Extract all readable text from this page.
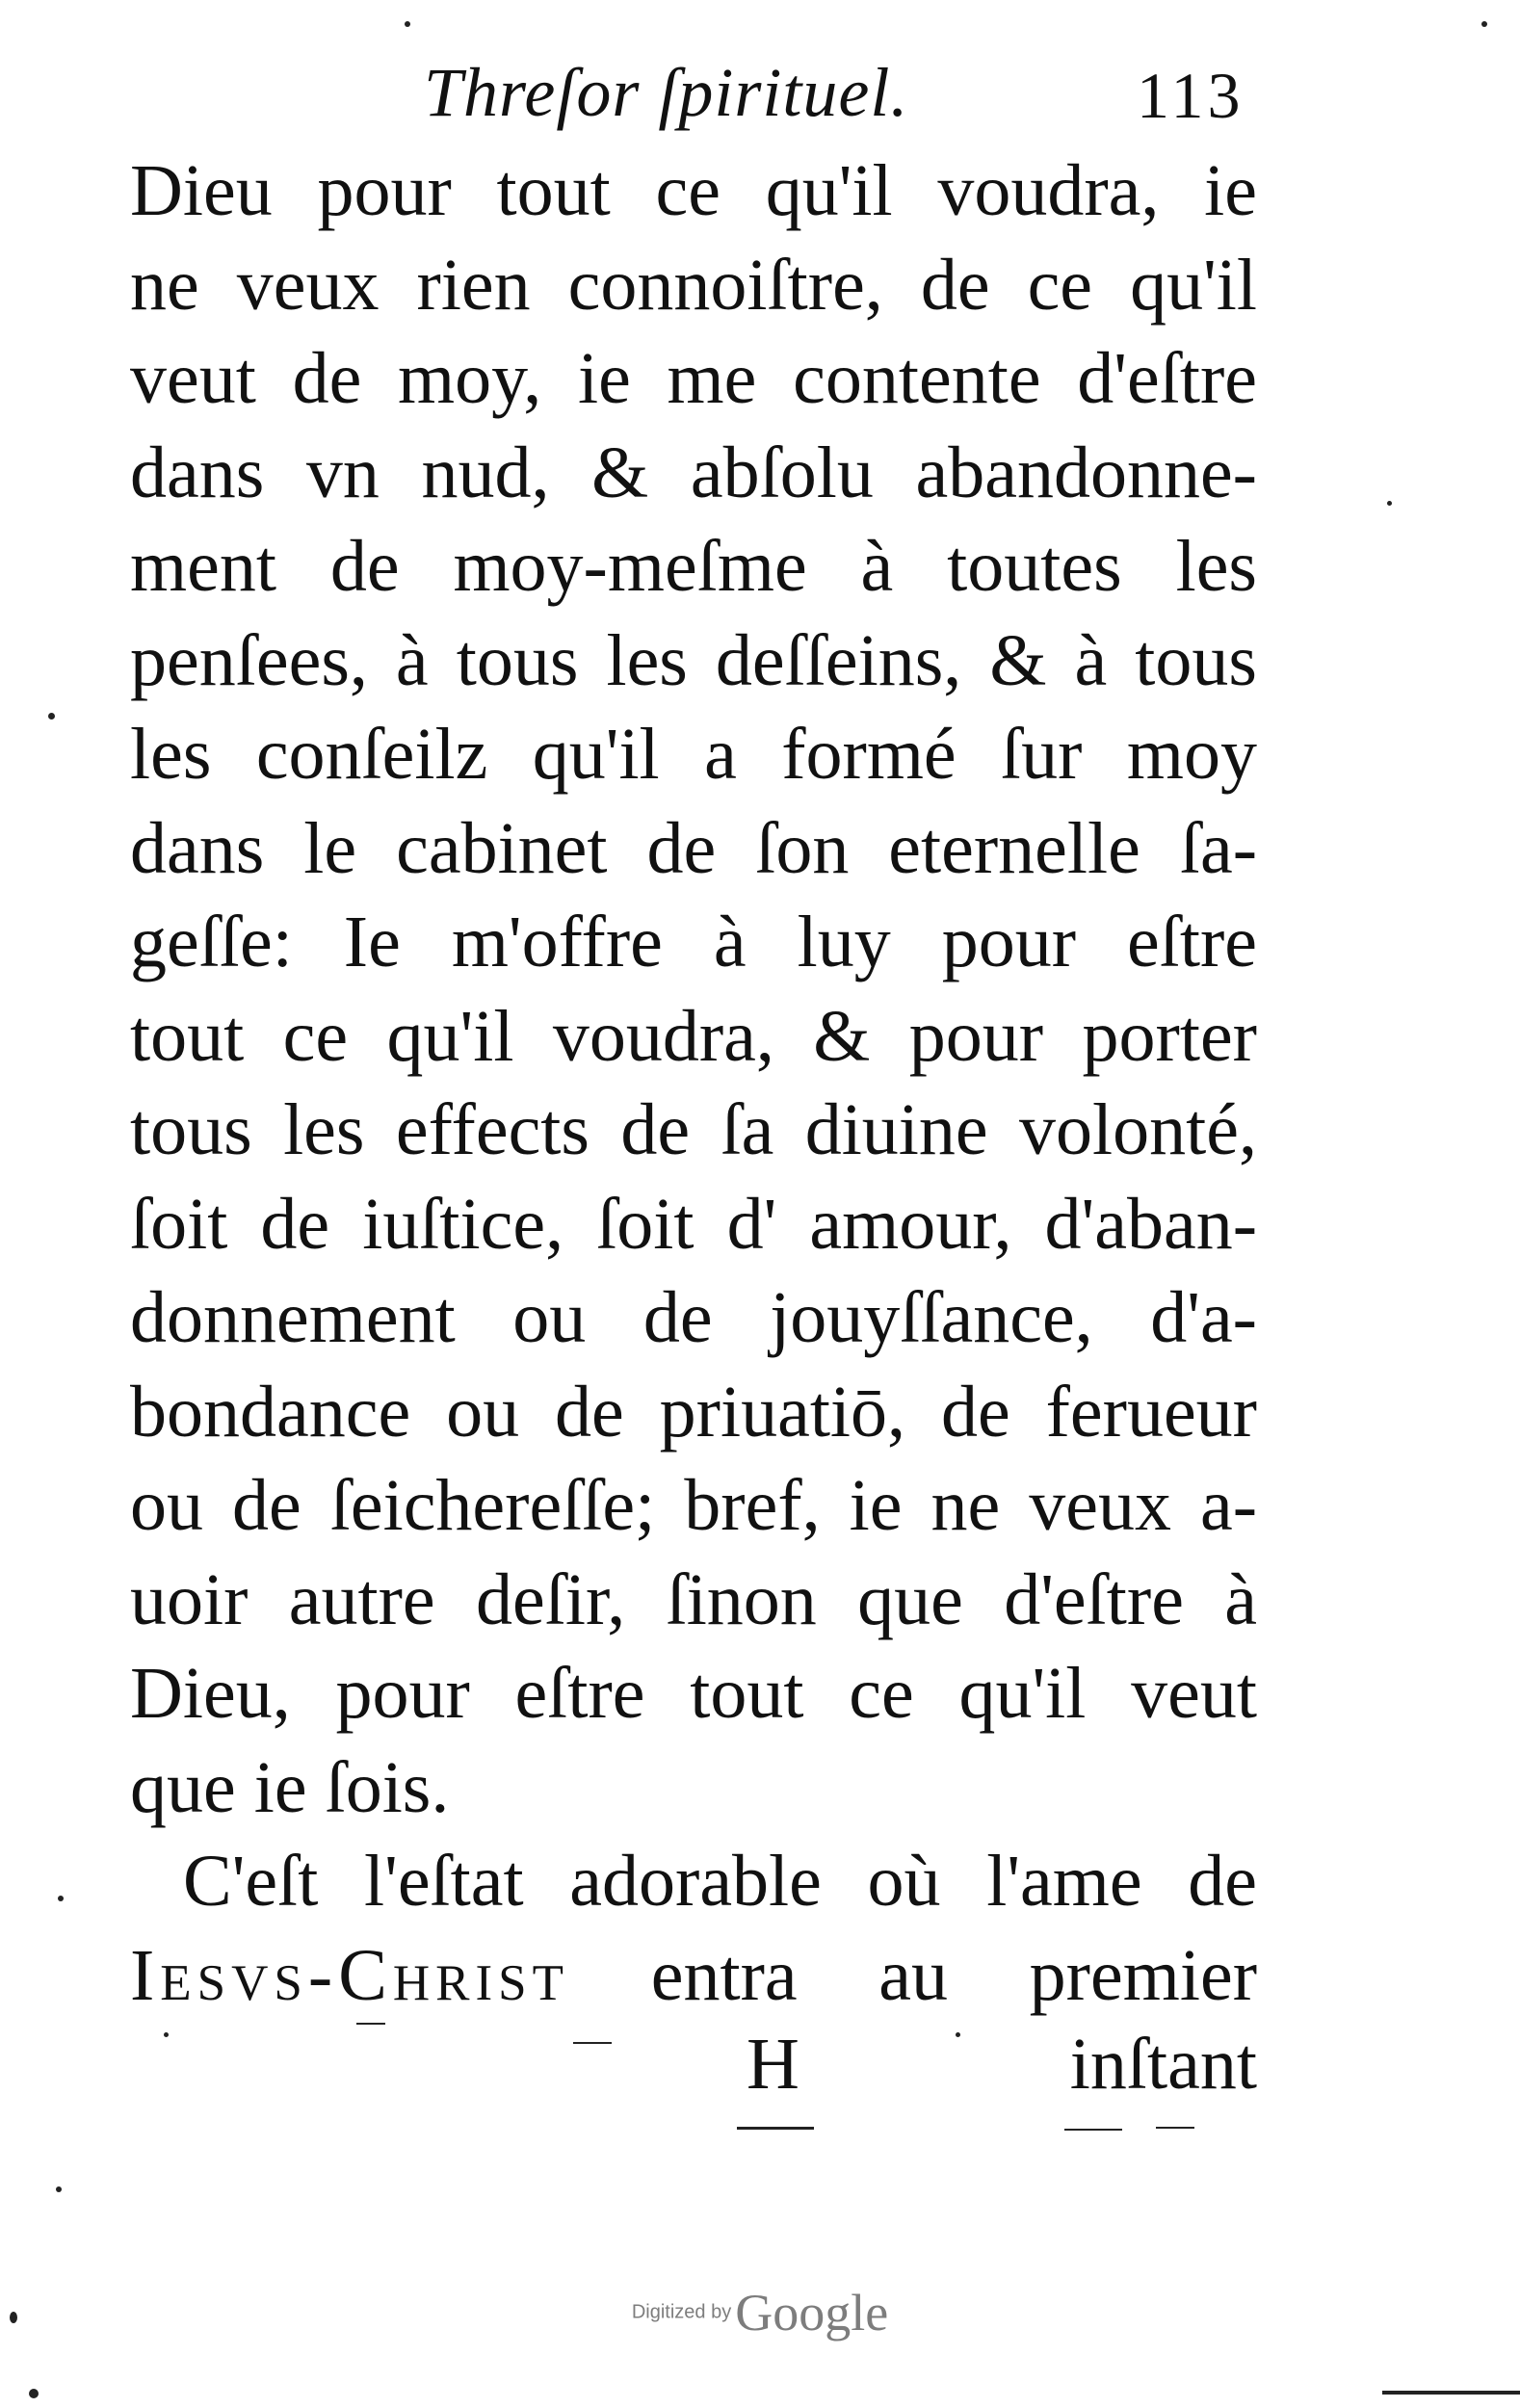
Threſor ſpirituel.	113
Dieu pour tout ce qu'il voudra, ie
ne veux rien connoiſtre, de ce qu'il
veut de moy, ie me contente d'eſtre
dans vn nud, & abſolu abandonne-
ment de moy-meſme à toutes les
penſees, à tous les deſſeins, & à tous
les conſeilz qu'il a formé ſur moy
dans le cabinet de ſon eternelle ſa-
geſſe: Ie m'offre à luy pour eſtre
tout ce qu'il voudra, & pour porter
tous les effects de ſa diuine volonté,
ſoit de iuſtice, ſoit d' amour, d'aban-
donnement ou de jouyſſance, d'a-
bondance ou de priuatiō, de ferueur
ou de ſeichereſſe; bref, ie ne veux a-
uoir autre deſir, ſinon que d'eſtre à
Dieu, pour eſtre tout ce qu'il veut
que ie ſois.
C'eſt l'eſtat adorable où l'ame de
Iesvs-Christ entra au premier
H	inſtant
Digitized by Google
